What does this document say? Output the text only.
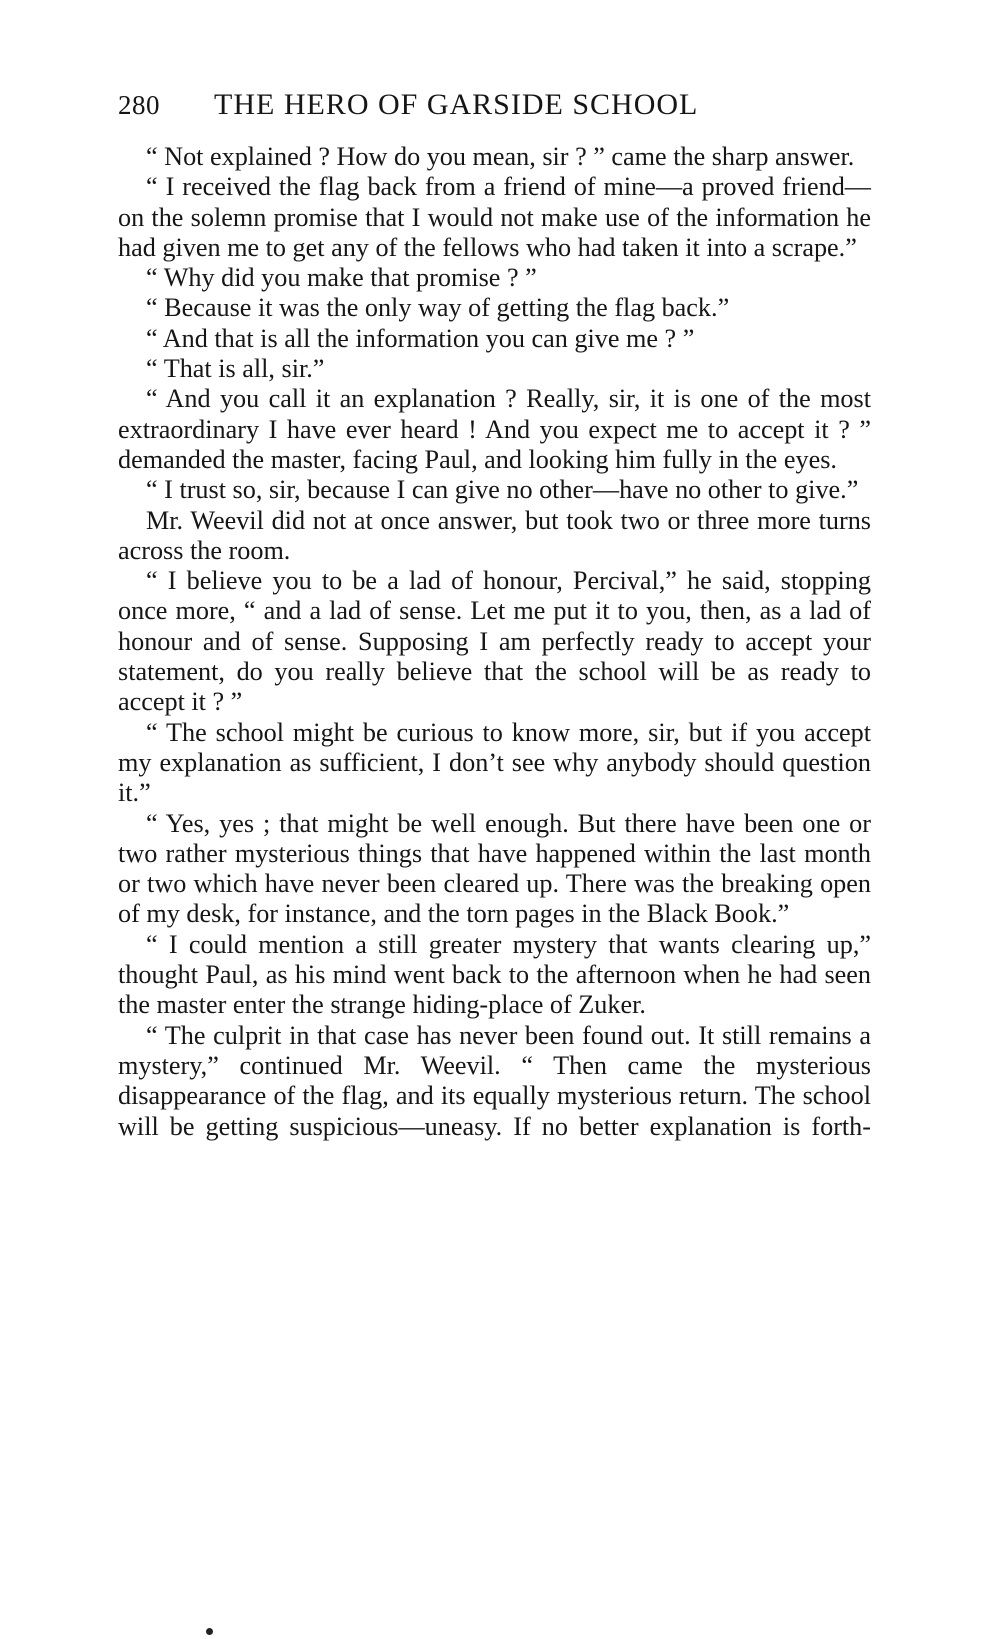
280	THE HERO OF GARSIDE SCHOOL

“ Not explained ? How do you mean, sir ? ” came the sharp answer.

“ I received the flag back from a friend of mine—a proved friend—on the solemn promise that I would not make use of the information he had given me to get any of the fellows who had taken it into a scrape.”

“ Why did you make that promise ? ”

“ Because it was the only way of getting the flag back.”

“ And that is all the information you can give me ? ”

“ That is all, sir.”

“ And you call it an explanation ? Really, sir, it is one of the most extraordinary I have ever heard ! And you expect me to accept it ? ” demanded the master, facing Paul, and looking him fully in the eyes.

“ I trust so, sir, because I can give no other—have no other to give.”

Mr. Weevil did not at once answer, but took two or three more turns across the room.

“ I believe you to be a lad of honour, Percival,” he said, stopping once more, “ and a lad of sense. Let me put it to you, then, as a lad of honour and of sense. Supposing I am perfectly ready to accept your statement, do you really believe that the school will be as ready to accept it ? ”

“ The school might be curious to know more, sir, but if you accept my explanation as sufficient, I don’t see why anybody should question it.”

“ Yes, yes ; that might be well enough. But there have been one or two rather mysterious things that have happened within the last month or two which have never been cleared up. There was the breaking open of my desk, for instance, and the torn pages in the Black Book.”

“ I could mention a still greater mystery that wants clearing up,” thought Paul, as his mind went back to the afternoon when he had seen the master enter the strange hiding-place of Zuker.

“ The culprit in that case has never been found out. It still remains a mystery,” continued Mr. Weevil. “ Then came the mysterious disappearance of the flag, and its equally mysterious return. The school will be getting suspicious—uneasy. If no better explanation is forth-
